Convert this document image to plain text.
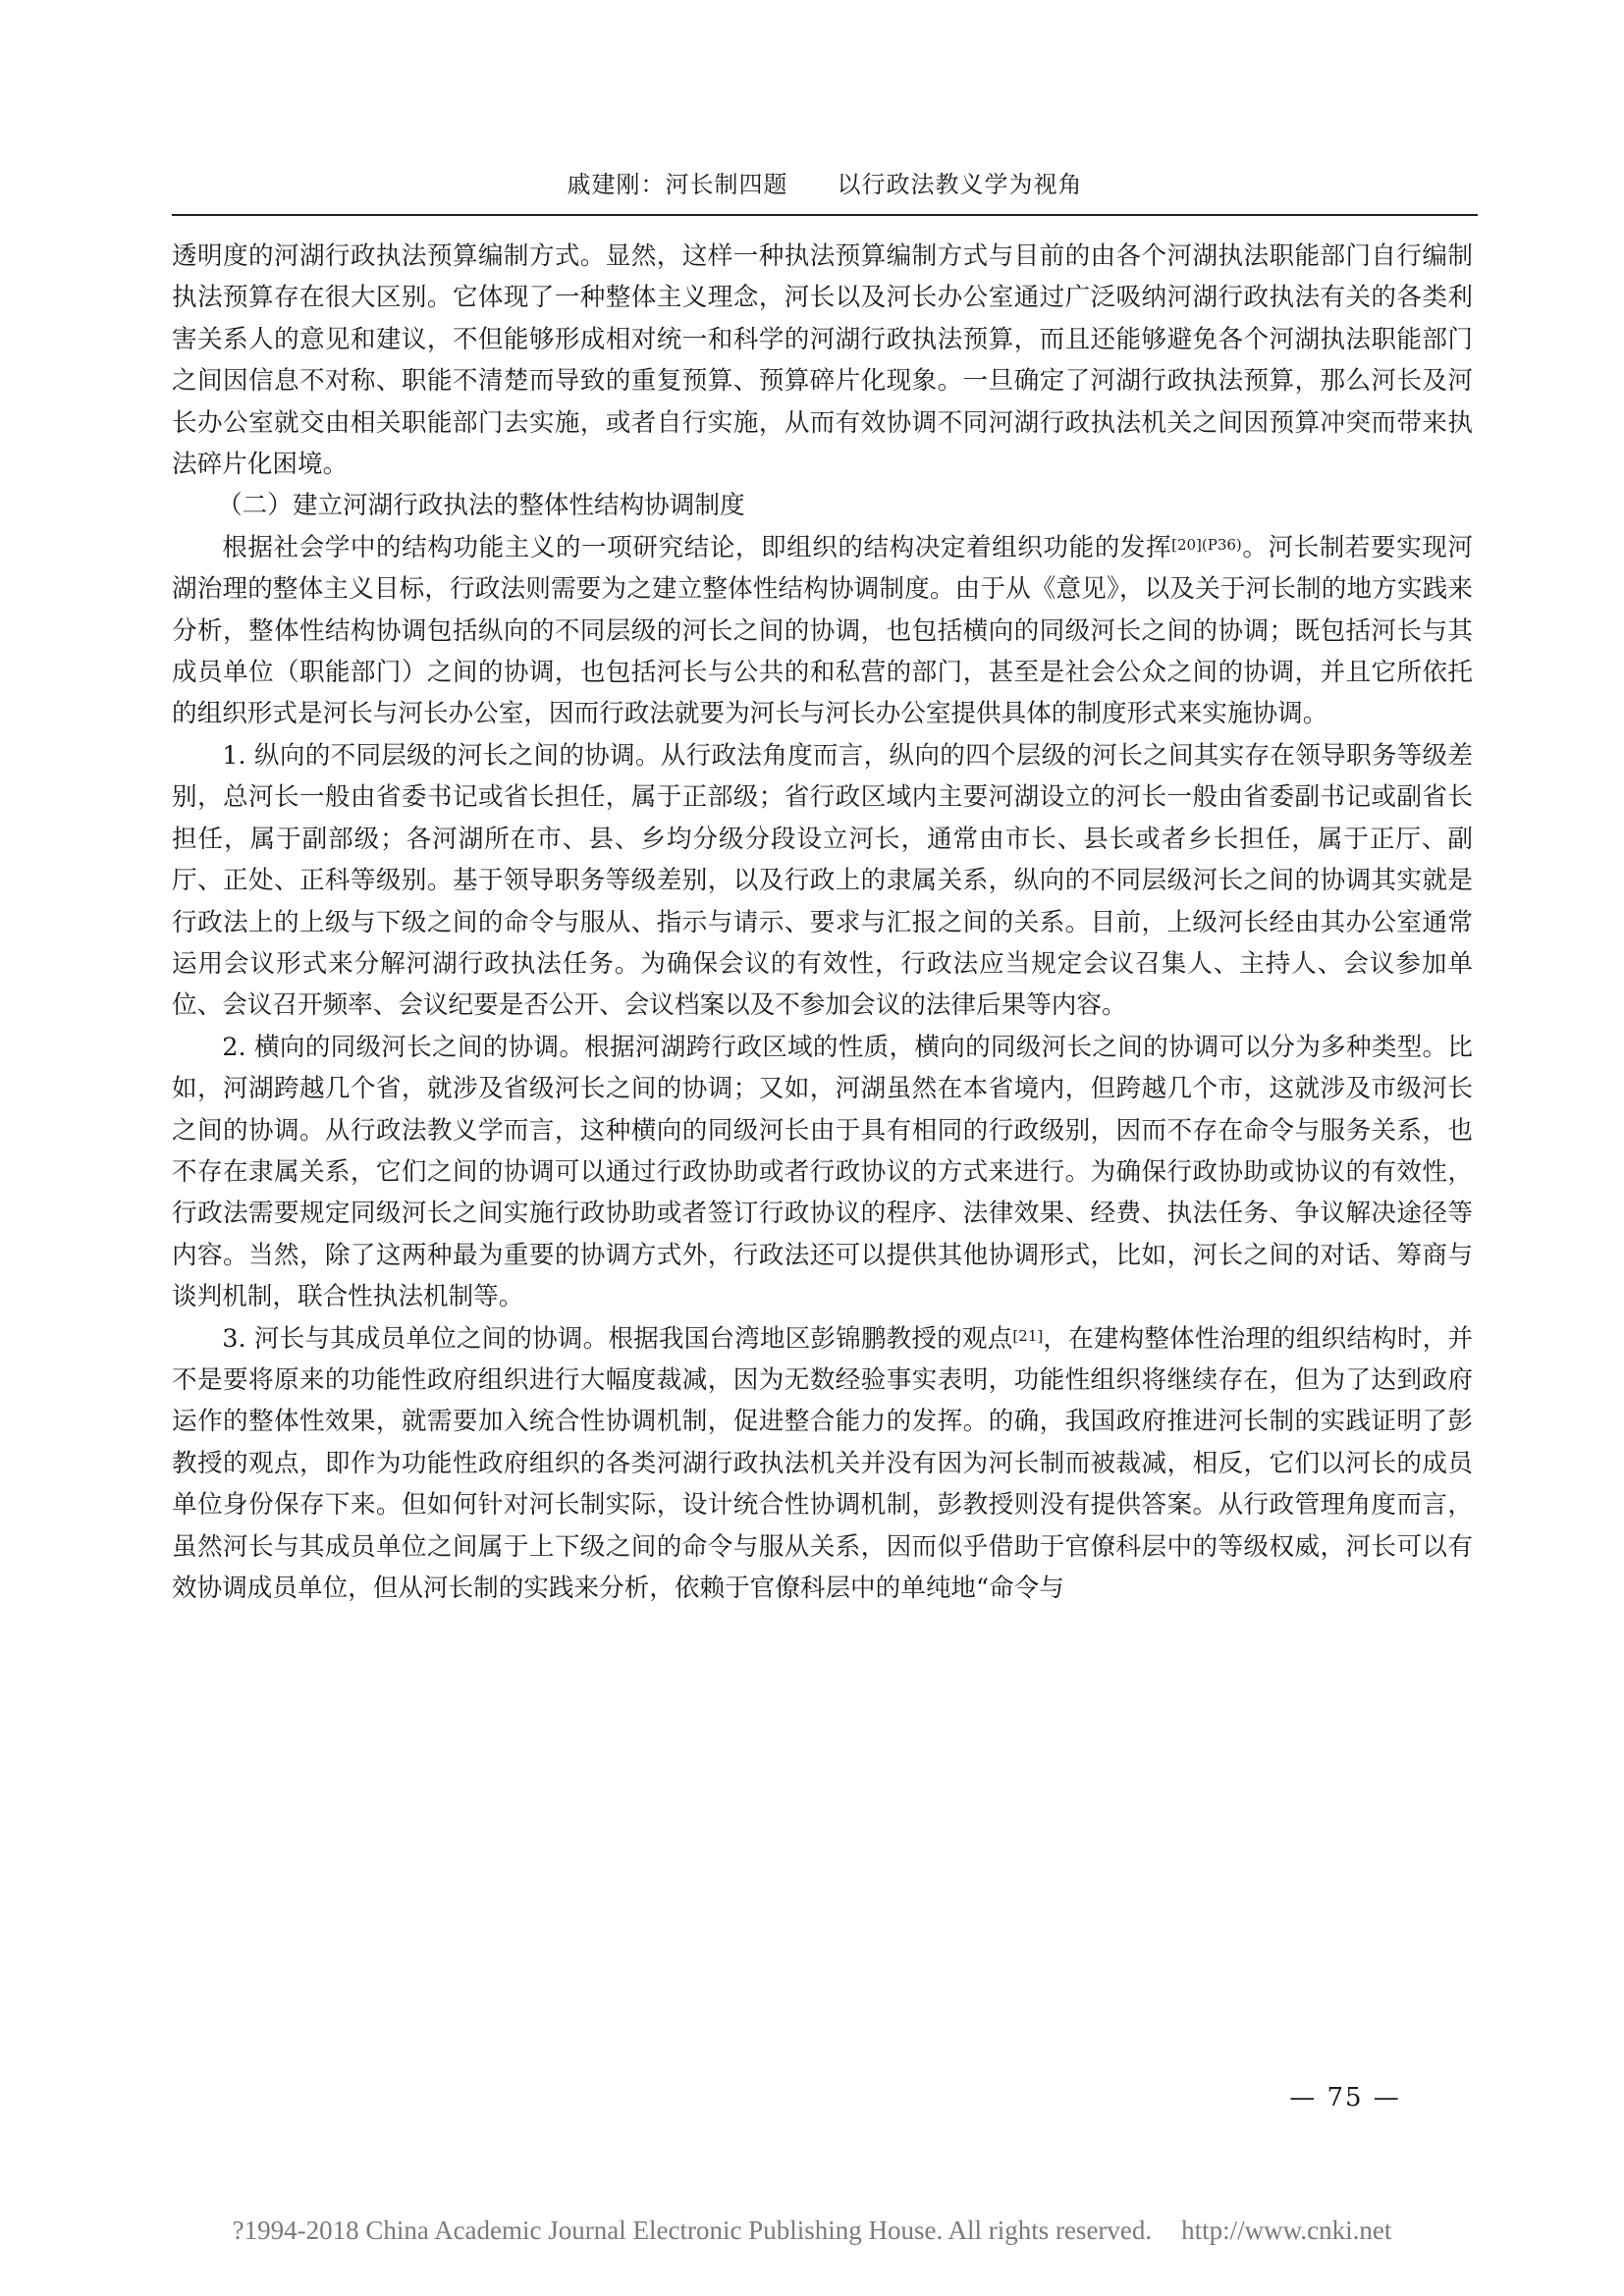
戚建刚：河长制四题 以行政法教义学为视角

透明度的河湖行政执法预算编制方式。显然，这样一种执法预算编制方式与目前的由各个河湖执法职能部门自行编制执法预算存在很大区别。它体现了一种整体主义理念，河长以及河长办公室通过广泛吸纳河湖行政执法有关的各类利害关系人的意见和建议，不但能够形成相对统一和科学的河湖行政执法预算，而且还能够避免各个河湖执法职能部门之间因信息不对称、职能不清楚而导致的重复预算、预算碎片化现象。一旦确定了河湖行政执法预算，那么河长及河长办公室就交由相关职能部门去实施，或者自行实施，从而有效协调不同河湖行政执法机关之间因预算冲突而带来执法碎片化困境。

（二）建立河湖行政执法的整体性结构协调制度

根据社会学中的结构功能主义的一项研究结论，即组织的结构决定着组织功能的发挥$^{[20](P36)}$。河长制若要实现河湖治理的整体主义目标，行政法则需要为之建立整体性结构协调制度。由于从《意见》，以及关于河长制的地方实践来分析，整体性结构协调包括纵向的不同层级的河长之间的协调，也包括横向的同级河长之间的协调；既包括河长与其成员单位（职能部门）之间的协调，也包括河长与公共的和私营的部门，甚至是社会公众之间的协调，并且它所依托的组织形式是河长与河长办公室，因而行政法就要为河长与河长办公室提供具体的制度形式来实施协调。

1. 纵向的不同层级的河长之间的协调。从行政法角度而言，纵向的四个层级的河长之间其实存在领导职务等级差别，总河长一般由省委书记或省长担任，属于正部级；省行政区域内主要河湖设立的河长一般由省委副书记或副省长担任，属于副部级；各河湖所在市、县、乡均分级分段设立河长，通常由市长、县长或者乡长担任，属于正厅、副厅、正处、正科等级别。基于领导职务等级差别，以及行政上的隶属关系，纵向的不同层级河长之间的协调其实就是行政法上的上级与下级之间的命令与服从、指示与请示、要求与汇报之间的关系。目前，上级河长经由其办公室通常运用会议形式来分解河湖行政执法任务。为确保会议的有效性，行政法应当规定会议召集人、主持人、会议参加单位、会议召开频率、会议纪要是否公开、会议档案以及不参加会议的法律后果等内容。

2. 横向的同级河长之间的协调。根据河湖跨行政区域的性质，横向的同级河长之间的协调可以分为多种类型。比如，河湖跨越几个省，就涉及省级河长之间的协调；又如，河湖虽然在本省境内，但跨越几个市，这就涉及市级河长之间的协调。从行政法教义学而言，这种横向的同级河长由于具有相同的行政级别，因而不存在命令与服务关系，也不存在隶属关系，它们之间的协调可以通过行政协助或者行政协议的方式来进行。为确保行政协助或协议的有效性，行政法需要规定同级河长之间实施行政协助或者签订行政协议的程序、法律效果、经费、执法任务、争议解决途径等内容。当然，除了这两种最为重要的协调方式外，行政法还可以提供其他协调形式，比如，河长之间的对话、筹商与谈判机制，联合性执法机制等。

3. 河长与其成员单位之间的协调。根据我国台湾地区彭锦鹏教授的观点[21]，在建构整体性治理的组织结构时，并不是要将原来的功能性政府组织进行大幅度裁减，因为无数经验事实表明，功能性组织将继续存在，但为了达到政府运作的整体性效果，就需要加入统合性协调机制，促进整合能力的发挥。的确，我国政府推进河长制的实践证明了彭教授的观点，即作为功能性政府组织的各类河湖行政执法机关并没有因为河长制而被裁减，相反，它们以河长的成员单位身份保存下来。但如何针对河长制实际，设计统合性协调机制，彭教授则没有提供答案。从行政管理角度而言，虽然河长与其成员单位之间属于上下级之间的命令与服从关系，因而似乎借助于官僚科层中的等级权威，河长可以有效协调成员单位，但从河长制的实践来分析，依赖于官僚科层中的单纯地“命令与

— 75 —
?1994-2018 China Academic Journal Electronic Publishing House. All rights reserved. http://www.cnki.net
